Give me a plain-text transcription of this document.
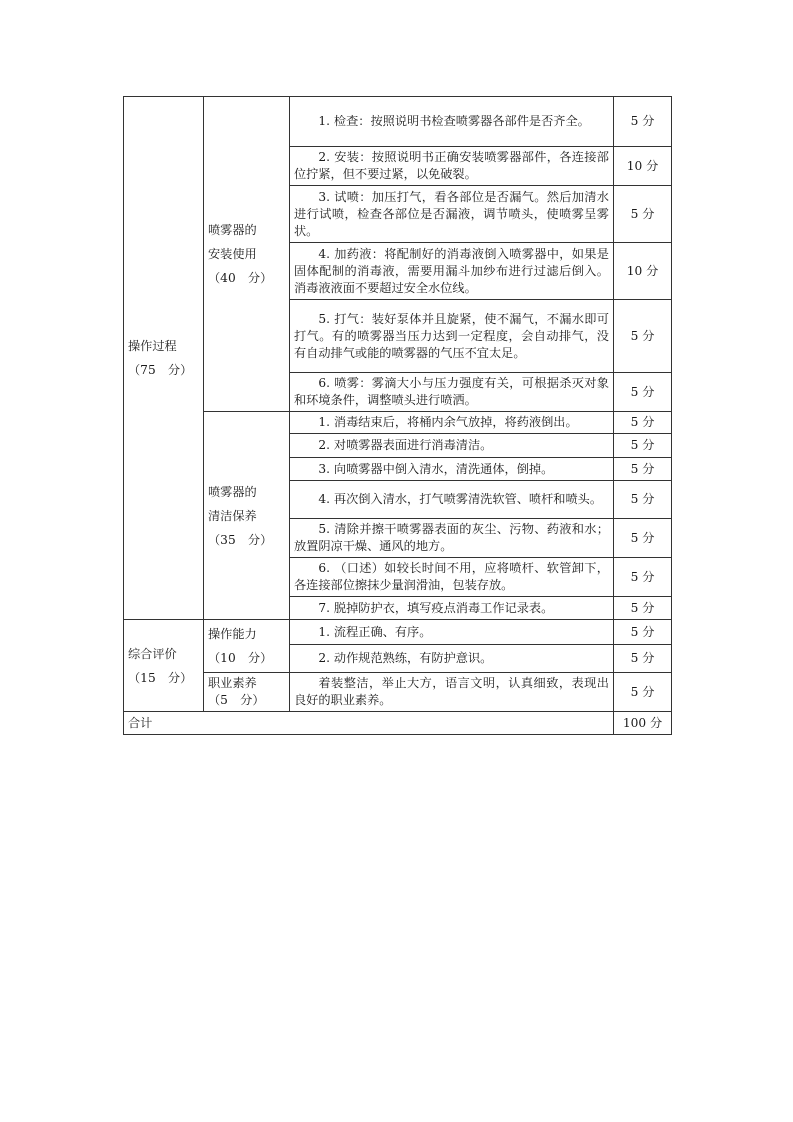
操作过程
（75　分）	喷雾器的
安装使用
（40　分）	1. 检查：按照说明书检查喷雾器各部件是否齐全。	5 分

		2. 安装：按照说明书正确安装喷雾器部件，各连接部位拧紧，但不要过紧，以免破裂。	10 分

		3. 试喷：加压打气，看各部位是否漏气。然后加清水进行试喷，检查各部位是否漏液，调节喷头，使喷雾呈雾状。	5 分

		4. 加药液：将配制好的消毒液倒入喷雾器中，如果是固体配制的消毒液，需要用漏斗加纱布进行过滤后倒入。消毒液液面不要超过安全水位线。	10 分

		5. 打气：装好泵体并且旋紧，使不漏气，不漏水即可打气。有的喷雾器当压力达到一定程度，会自动排气，没有自动排气或能的喷雾器的气压不宜太足。	5 分

		6. 喷雾：雾滴大小与压力强度有关，可根据杀灭对象和环境条件，调整喷头进行喷洒。	5 分

	喷雾器的
清洁保养
（35　分）	1. 消毒结束后，将桶内余气放掉，将药液倒出。	5 分

		2. 对喷雾器表面进行消毒清洁。	5 分

		3. 向喷雾器中倒入清水，清洗通体，倒掉。	5 分

		4. 再次倒入清水，打气喷雾清洗软管、喷杆和喷头。	5 分

		5. 清除并擦干喷雾器表面的灰尘、污物、药液和水；放置阴凉干燥、通风的地方。	5 分

		6. （口述）如较长时间不用，应将喷杆、软管卸下，各连接部位擦抹少量润滑油，包装存放。	5 分

		7. 脱掉防护衣，填写疫点消毒工作记录表。	5 分

综合评价
（15　分）	操作能力
（10　分）	1. 流程正确、有序。	5 分

		2. 动作规范熟练，有防护意识。	5 分

	职业素养
（5　分）	着装整洁，举止大方，语言文明，认真细致，表现出良好的职业素养。	5 分
合计			100 分
